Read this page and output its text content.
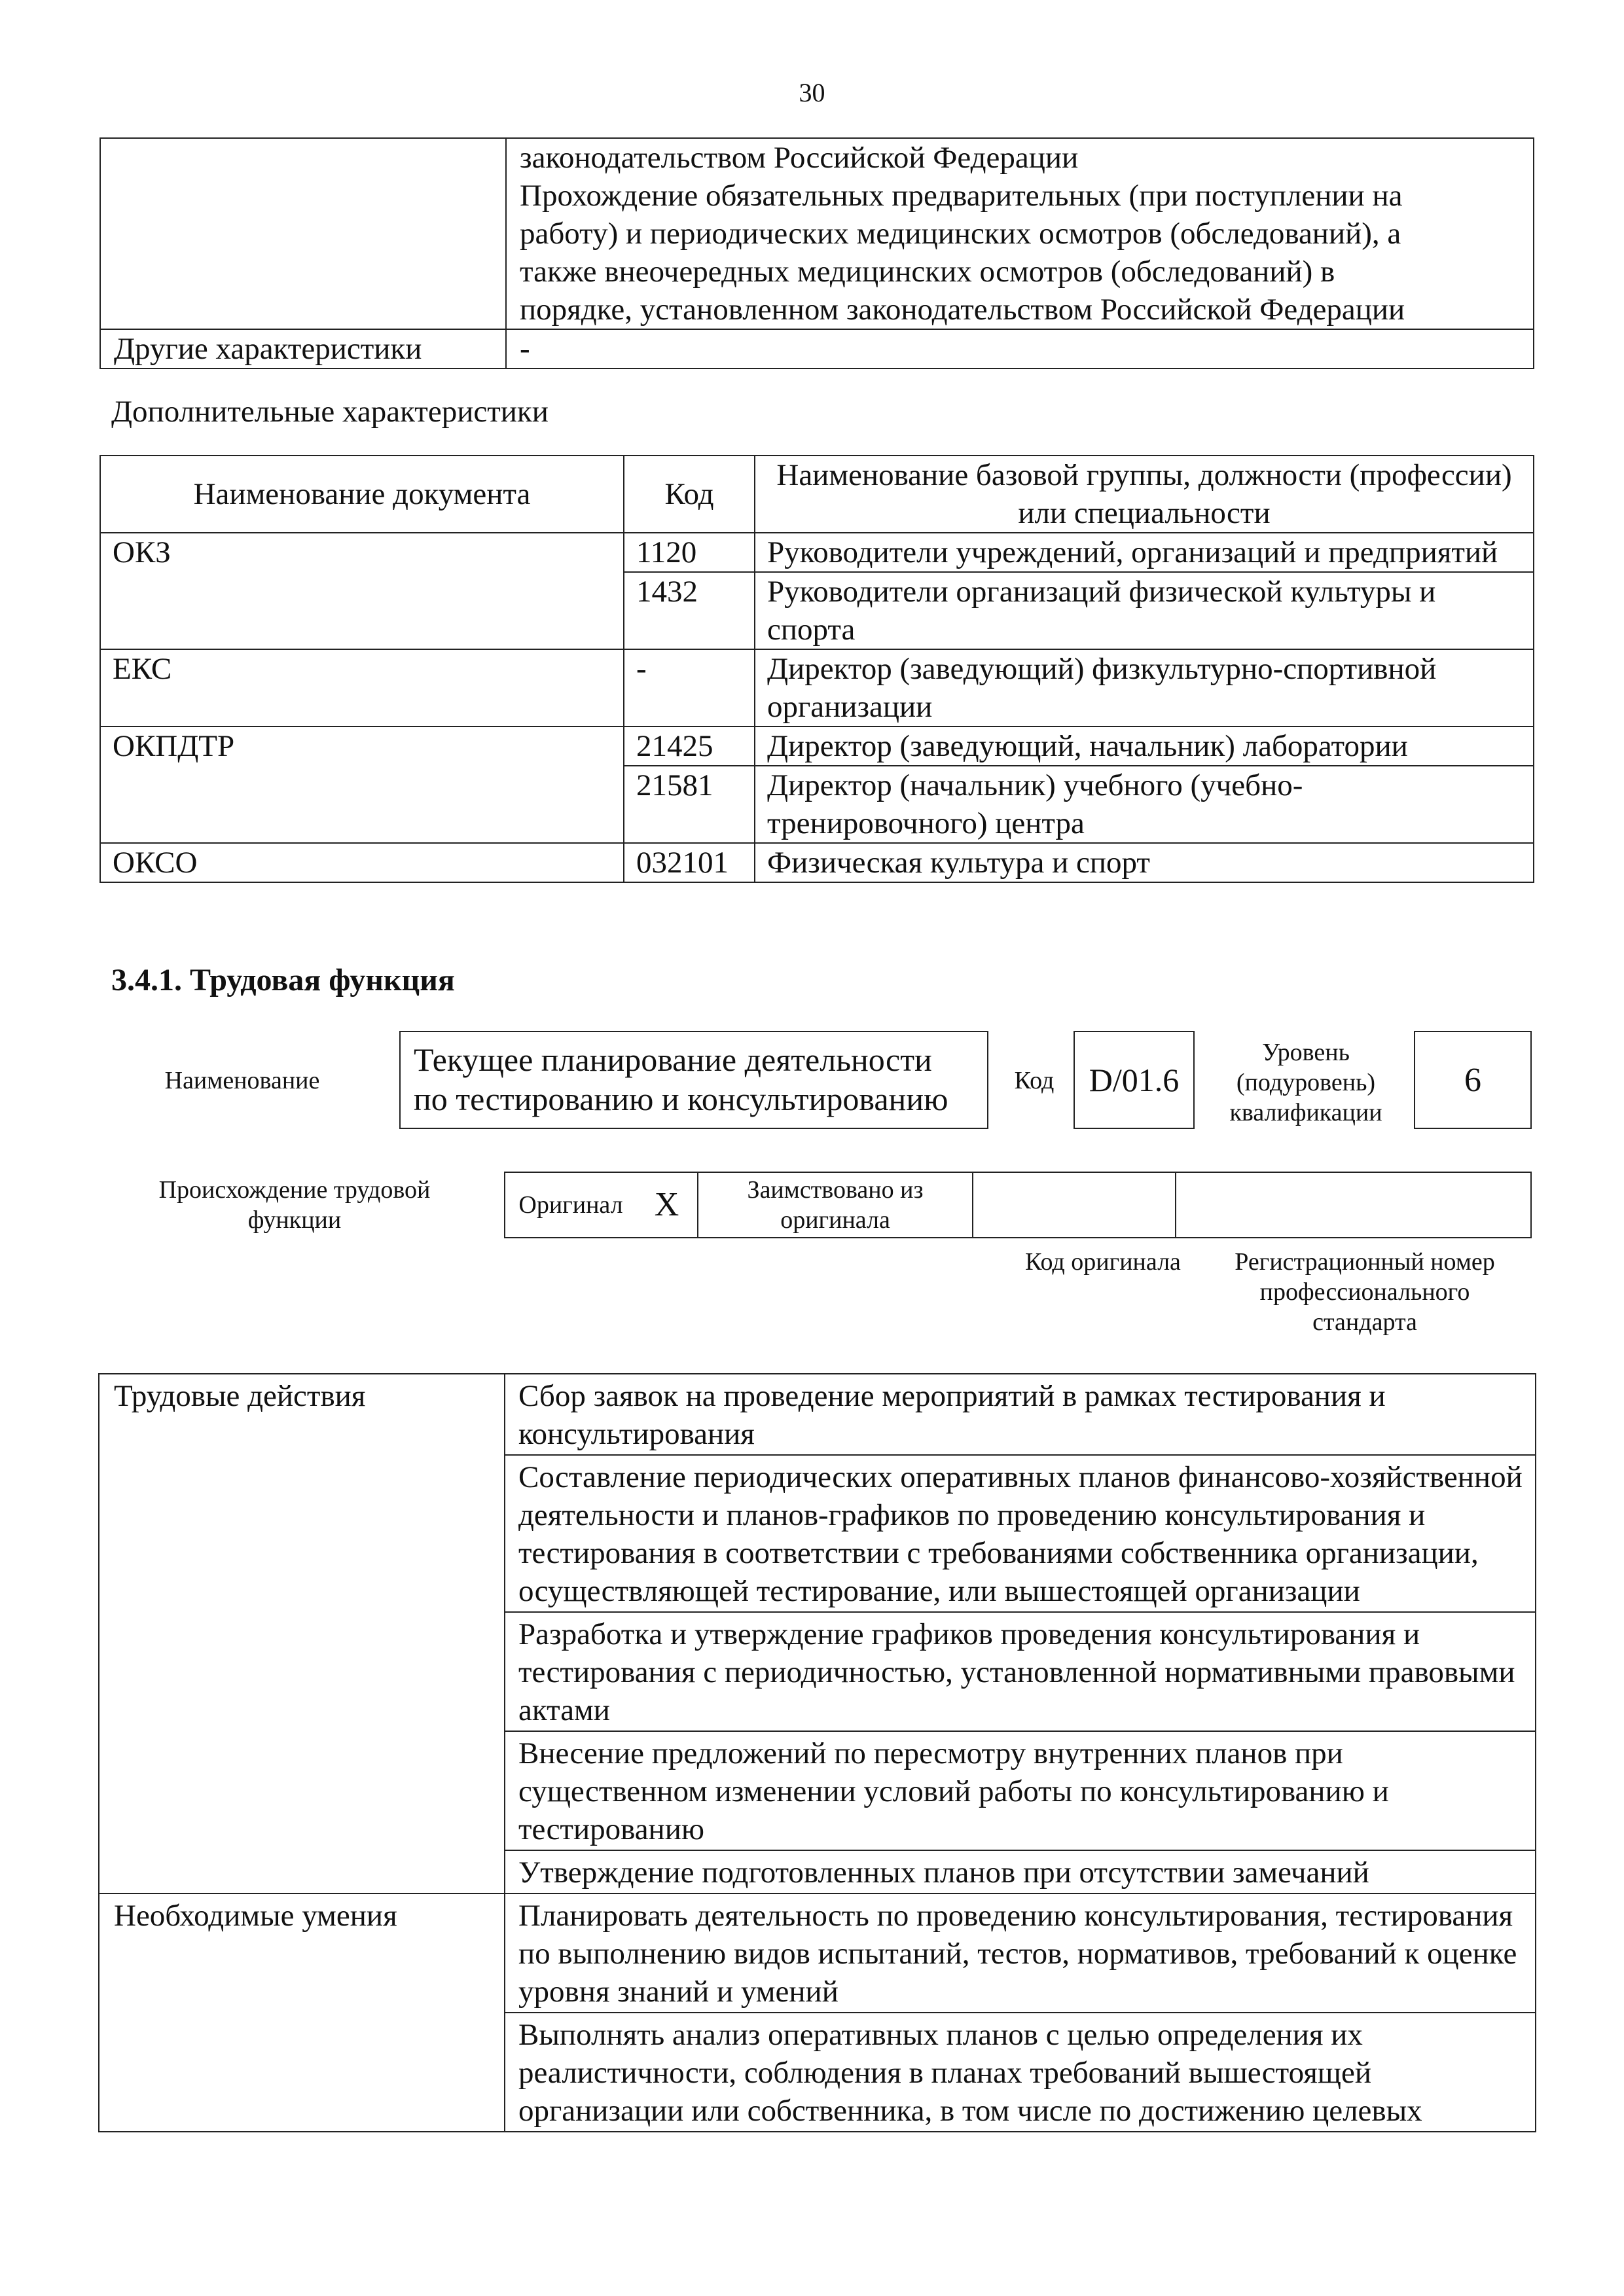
30

	законодательством Российской Федерации
Прохождение обязательных предварительных (при поступлении на
работу) и периодических медицинских осмотров (обследований), а
также внеочередных медицинских осмотров (обследований) в
порядке, установленном законодательством Российской Федерации

Другие характеристики	-
Дополнительные характеристики
Наименование документа	Код	Наименование базовой группы, должности (профессии) или специальности
ОКЗ	1120	Руководители учреждений, организаций и предприятий
	1432	Руководители организаций физической культуры и спорта
ЕКС	-	Директор (заведующий) физкультурно-спортивной организации
ОКПДТР	21425	Директор (заведующий, начальник) лаборатории
	21581	Директор (начальник) учебного (учебно-тренировочного) центра
ОКСО	032101	Физическая культура и спорт
3.4.1. Трудовая функция
Наименование
Текущее планирование деятельности по тестированию и консультированию	Код	D/01.6
Уровень (подуровень) квалификации
6
Происхождение трудовой функции
Оригинал X	Заимствовано из оригинала
Код оригинала	Регистрационный номер профессионального стандарта
Трудовые действия	Сбор заявок на проведение мероприятий в рамках тестирования и консультирования
	Составление периодических оперативных планов финансово-хозяйственной деятельности и планов-графиков по проведению консультирования и тестирования в соответствии с требованиями собственника организации, осуществляющей тестирование, или вышестоящей организации
	Разработка и утверждение графиков проведения консультирования и тестирования с периодичностью, установленной нормативными правовыми актами
	Внесение предложений по пересмотру внутренних планов при существенном изменении условий работы по консультированию и тестированию
	Утверждение подготовленных планов при отсутствии замечаний
Необходимые умения	Планировать деятельность по проведению консультирования, тестирования по выполнению видов испытаний, тестов, нормативов, требований к оценке уровня знаний и умений
	Выполнять анализ оперативных планов с целью определения их реалистичности, соблюдения в планах требований вышестоящей организации или собственника, в том числе по достижению целевых
